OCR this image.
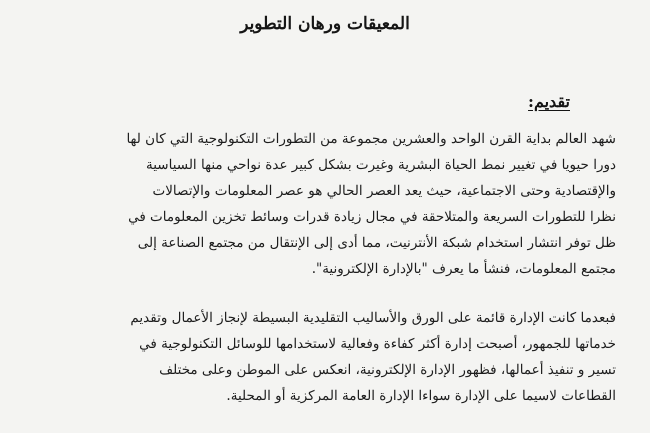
المعيقات ورهان التطوير
تقديم:
شهد العالم بداية القرن الواحد والعشرين مجموعة من التطورات التكنولوجية التي كان لها
دورا حيويا في تغيير نمط الحياة البشرية وغيرت بشكل كبير عدة نواحي منها السياسية
والإقتصادية وحتى الاجتماعية، حيث يعد العصر الحالي هو عصر المعلومات والإتصالات
نظرا للتطورات السريعة والمتلاحقة في مجال زيادة قدرات وسائط تخزين المعلومات في
ظل توفر انتشار استخدام شبكة الأنترنيت، مما أدى إلى الإنتقال من مجتمع الصناعة إلى
مجتمع المعلومات، فنشأ ما يعرف "بالإدارة الإلكترونية".
فبعدما كانت الإدارة قائمة على الورق والأساليب التقليدية البسيطة لإنجاز الأعمال وتقديم
خدماتها للجمهور، أصبحت إدارة أكثر كفاءة وفعالية لاستخدامها للوسائل التكنولوجية في
تسير و تنفيذ أعمالها، فظهور الإدارة الإلكترونية، انعكس على الموطن وعلى مختلف
القطاعات لاسيما على الإدارة سواءا الإدارة العامة المركزية أو المحلية.
